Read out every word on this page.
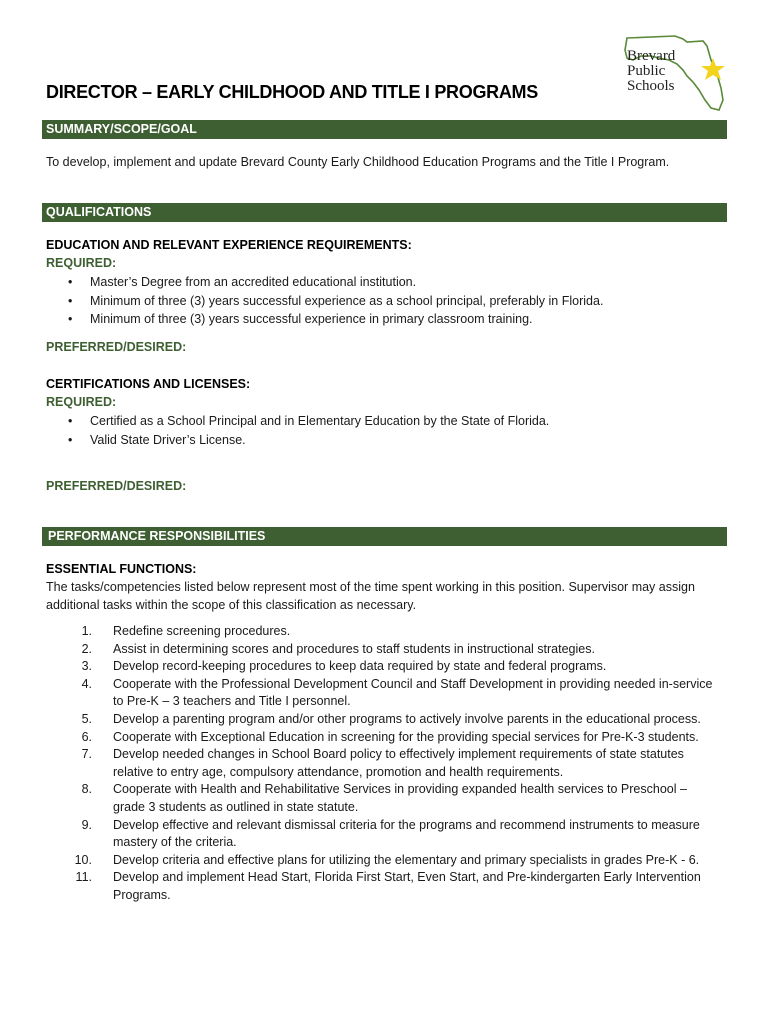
Brevard
Public
Schools
DIRECTOR – EARLY CHILDHOOD AND TITLE I PROGRAMS
SUMMARY/SCOPE/GOAL

To develop, implement and update Brevard County Early Childhood Education Programs and the Title I Program.

QUALIFICATIONS

EDUCATION AND RELEVANT EXPERIENCE REQUIREMENTS:

REQUIRED:

• Master’s Degree from an accredited educational institution.
• Minimum of three (3) years successful experience as a school principal, preferably in Florida.
• Minimum of three (3) years successful experience in primary classroom training.

PREFERRED/DESIRED:

CERTIFICATIONS AND LICENSES:

REQUIRED:

• Certified as a School Principal and in Elementary Education by the State of Florida.
• Valid State Driver’s License.

PREFERRED/DESIRED:

PERFORMANCE RESPONSIBILITIES

ESSENTIAL FUNCTIONS:

The tasks/competencies listed below represent most of the time spent working in this position. Supervisor may assign additional tasks within the scope of this classification as necessary.

1. Redefine screening procedures.
2. Assist in determining scores and procedures to staff students in instructional strategies.
3. Develop record-keeping procedures to keep data required by state and federal programs.
4. Cooperate with the Professional Development Council and Staff Development in providing needed in-service to Pre-K – 3 teachers and Title I personnel.
5. Develop a parenting program and/or other programs to actively involve parents in the educational process.
6. Cooperate with Exceptional Education in screening for the providing special services for Pre-K-3 students.
7. Develop needed changes in School Board policy to effectively implement requirements of state statutes relative to entry age, compulsory attendance, promotion and health requirements.
8. Cooperate with Health and Rehabilitative Services in providing expanded health services to Preschool – grade 3 students as outlined in state statute.
9. Develop effective and relevant dismissal criteria for the programs and recommend instruments to measure mastery of the criteria.
10. Develop criteria and effective plans for utilizing the elementary and primary specialists in grades Pre-K - 6.
11. Develop and implement Head Start, Florida First Start, Even Start, and Pre-kindergarten Early Intervention Programs.
